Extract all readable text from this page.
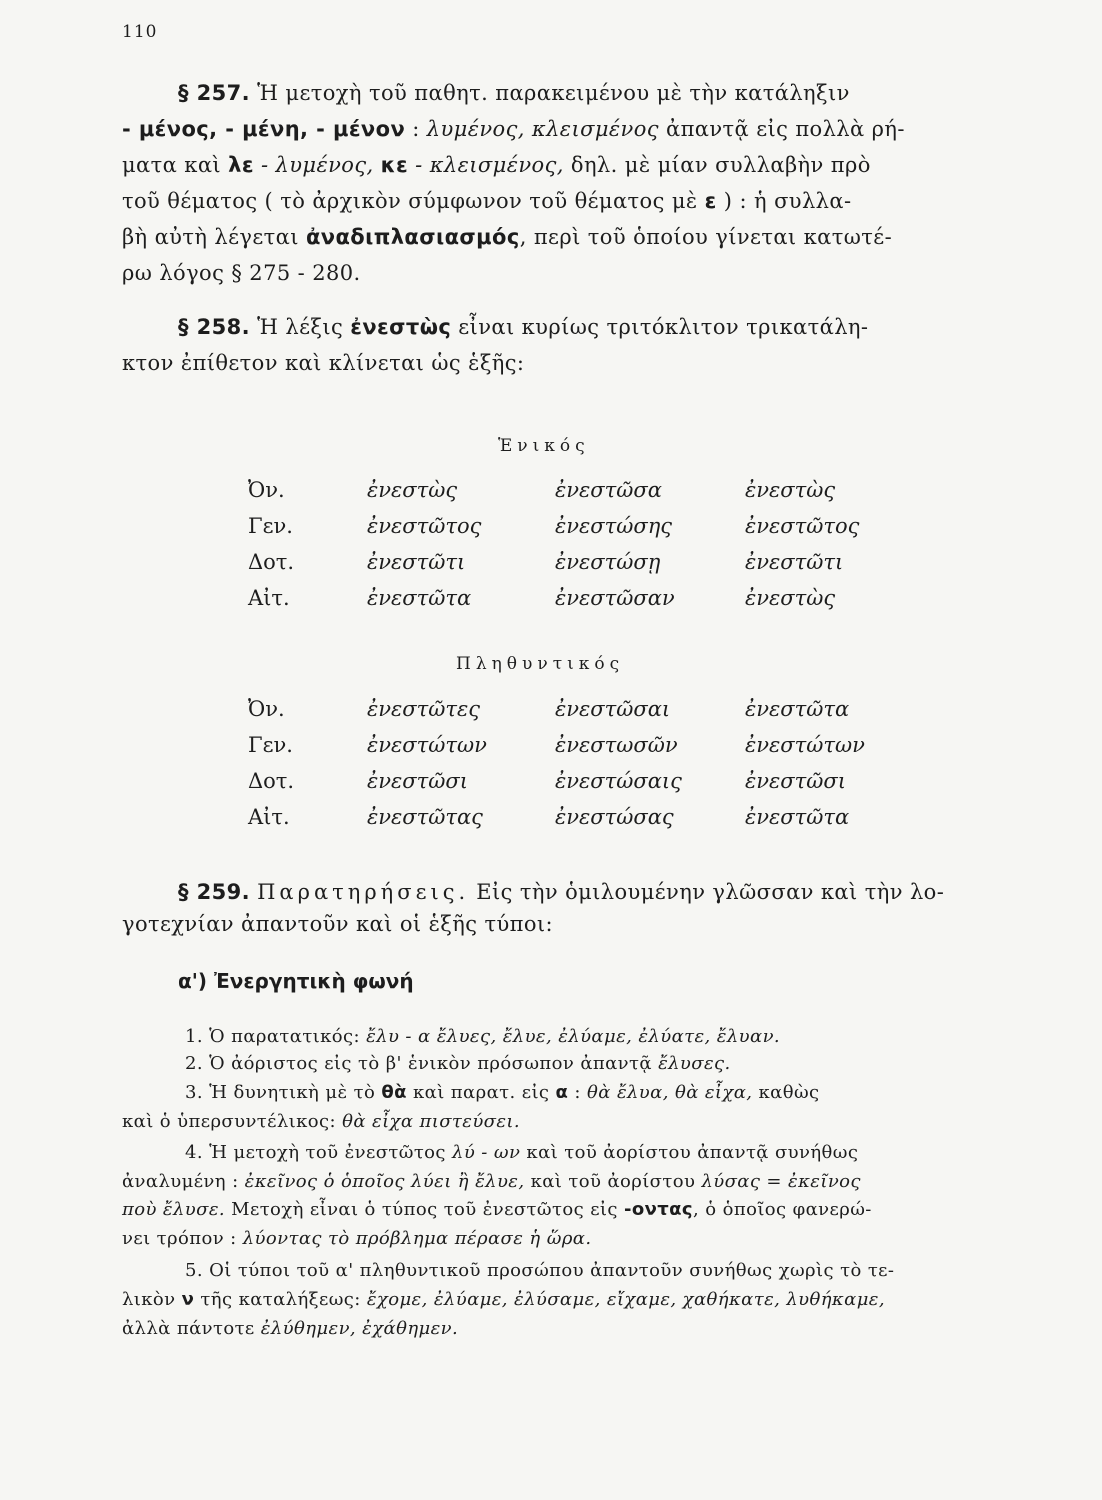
110
§ 257. Ἡ μετοχὴ τοῦ παθητ. παρακειμένου μὲ τὴν κατάληξιν
- μένος, - μένη, - μένον : λυμένος, κλεισμένος ἀπαντᾷ εἰς πολλὰ ρή-
ματα καὶ λε - λυμένος, κε - κλεισμένος, δηλ. μὲ μίαν συλλαβὴν πρὸ
τοῦ θέματος ( τὸ ἀρχικὸν σύμφωνον τοῦ θέματος μὲ ε ) : ἡ συλλα-
βὴ αὐτὴ λέγεται ἀναδιπλασιασμός, περὶ τοῦ ὁποίου γίνεται κατωτέ-
ρω λόγος § 275 - 280.
§ 258. Ἡ λέξις ἐνεστὼς εἶναι κυρίως τριτόκλιτον τρικατάλη-
κτον ἐπίθετον καὶ κλίνεται ὡς ἑξῆς:
Ἑνικός
Ὀν.	ἐνεστὼς	ἐνεστῶσα	ἐνεστὼς
Γεν.	ἐνεστῶτος	ἐνεστώσης	ἐνεστῶτος
Δοτ.	ἐνεστῶτι	ἐνεστώσῃ	ἐνεστῶτι
Αἰτ.	ἐνεστῶτα	ἐνεστῶσαν	ἐνεστὼς
Πληθυντικός
Ὀν.	ἐνεστῶτες	ἐνεστῶσαι	ἐνεστῶτα
Γεν.	ἐνεστώτων	ἐνεστωσῶν	ἐνεστώτων
Δοτ.	ἐνεστῶσι	ἐνεστώσαις	ἐνεστῶσι
Αἰτ.	ἐνεστῶτας	ἐνεστώσας	ἐνεστῶτα
§ 259. Παρατηρήσεις. Εἰς τὴν ὁμιλουμένην γλῶσσαν καὶ τὴν λο-
γοτεχνίαν ἀπαντοῦν καὶ οἱ ἑξῆς τύποι:
α') Ἐνεργητικὴ φωνή
1. Ὁ παρατατικός: ἔλυ - α ἔλυες, ἔλυε, ἐλύαμε, ἐλύατε, ἔλυαν.
2. Ὁ ἀόριστος εἰς τὸ β' ἑνικὸν πρόσωπον ἀπαντᾷ ἔλυσες.
3. Ἡ δυνητικὴ μὲ τὸ θὰ καὶ παρατ. εἰς α : θὰ ἔλυα, θὰ εἶχα, καθὼς
καὶ ὁ ὑπερσυντέλικος: θὰ εἶχα πιστεύσει.
4. Ἡ μετοχὴ τοῦ ἐνεστῶτος λύ - ων καὶ τοῦ ἀορίστου ἀπαντᾷ συνήθως
ἀναλυμένη : ἐκεῖνος ὁ ὁποῖος λύει ἢ ἔλυε, καὶ τοῦ ἀορίστου λύσας = ἐκεῖνος
ποὺ ἔλυσε. Μετοχὴ εἶναι ὁ τύπος τοῦ ἐνεστῶτος εἰς -οντας, ὁ ὁποῖος φανερώ-
νει τρόπον : λύοντας τὸ πρόβλημα πέρασε ἡ ὥρα.
5. Οἱ τύποι τοῦ α' πληθυντικοῦ προσώπου ἀπαντοῦν συνήθως χωρὶς τὸ τε-
λικὸν ν τῆς καταλήξεως: ἔχομε, ἐλύαμε, ἐλύσαμε, εἴχαμε, χαθήκατε, λυθήκαμε,
ἀλλὰ πάντοτε ἐλύθημεν, ἐχάθημεν.
